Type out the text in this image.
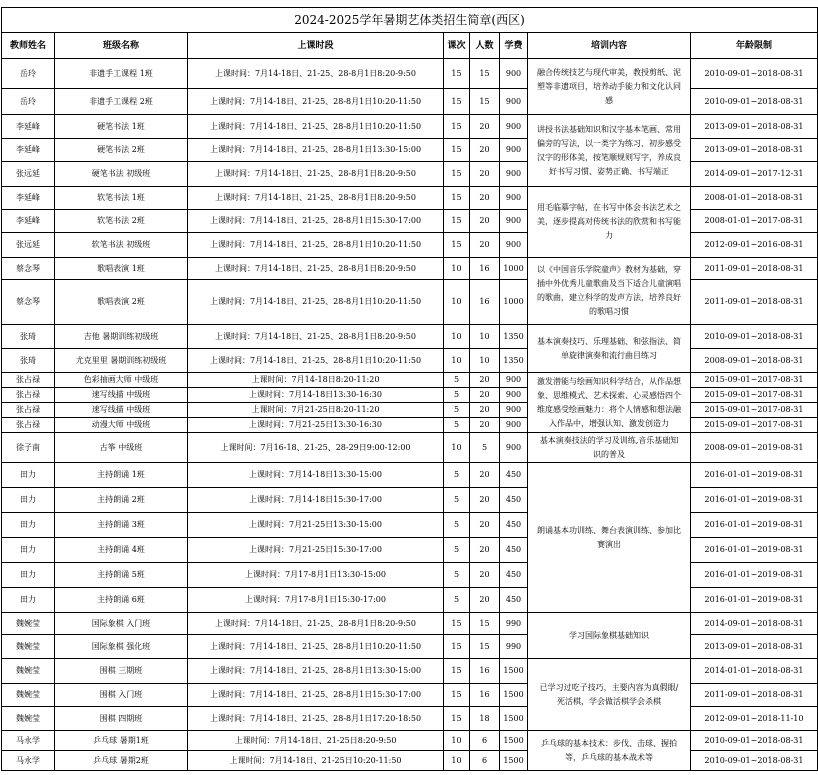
2024-2025学年暑期艺体类招生简章(西区)							
教师姓名	班级名称	上课时段	课次	人数	学费	培训内容	年龄限制
岳玲	非遗手工课程 1班	上课时间：7月14-18日、21-25、28-8月1日8:20-9:50	15	15	900	融合传统技艺与现代审美，教授剪纸、泥塑等非遗项目，培养动手能力和文化认同感	2010-09-01~2018-08-31
岳玲	非遗手工课程 2班	上课时间：7月14-18日、21-25、28-8月1日10:20-11:50	15	15	900		2010-09-01~2018-08-31
李延峰	硬笔书法 1班	上课时间：7月14-18日、21-25、28-8月1日10:20-11:50	15	20	900	讲授书法基础知识和汉字基本笔画、常用偏旁的写法，以一类字为练习、初步感受汉字的形体美，按笔顺规则写字，养成良好书写习惯、姿势正确、书写端正	2013-09-01~2018-08-31
李延峰	硬笔书法 2班	上课时间：7月14-18日、21-25、28-8月1日13:30-15:00	15	20	900		2013-09-01~2018-08-31
张远延	硬笔书法 初级班	上课时间：7月14-18日、21-25、28-8月1日8:20-9:50	15	20	900		2014-09-01~2017-12-31
李延峰	软笔书法 1班	上课时间：7月14-18日、21-25、28-8月1日8:20-9:50	15	20	900	用毛临摹字帖，在书写中体会书法艺术之美，逐步提高对传统书法的欣赏和书写能力	2008-01-01~2018-08-31
李延峰	软笔书法 2班	上课时间：7月14-18日、21-25、28-8月1日15:30-17:00	15	20	900		2008-01-01~2017-08-31
张远延	软笔书法 初级班	上课时间：7月14-18日、21-25、28-8月1日10:20-11:50	15	20	900		2012-09-01~2016-08-31
蔡念琴	歌唱表演 1班	上课时间：7月14-18日、21-25、28-8月1日8:20-9:50	10	16	1000	以《中国音乐学院童声》教材为基础，穿插中外优秀儿童歌曲及当下适合儿童演唱的歌曲，建立科学的发声方法，培养良好的歌唱习惯	2011-09-01~2018-08-31
蔡念琴	歌唱表演 2班	上课时间：7月14-18日、21-25、28-8月1日10:20-11:50	10	16	1000		2011-09-01~2018-08-31
张琦	吉他 暑期训练初级班	上课时间：7月14-18日、21-25、28-8月1日8:20-9:50	10	10	1350	基本演奏技巧、乐理基础、和弦指法、简单旋律演奏和流行曲目练习	2010-09-01~2018-08-31
张琦	尤克里里 暑期训练初级班	上课时间：7月14-18日、21-25、28-8月1日10:20-11:50	10	10	1350		2008-09-01~2018-08-31
张占禄	色彩抽画大师 中级班	上课时间：7月14-18日8:20-11:20	5	20	900	激发潜能与绘画知识科学结合，从作品想象、思维模式、艺术探索、心灵感悟四个维度感受绘画魅力：将个人情感和想法融入作品中，增强认知、激发创造力	2015-09-01~2017-08-31
张占禄	速写线描 中级班	上课时间：7月14-18日13:30-16:30	5	20	900		2015-09-01~2017-08-31
张占禄	速写线描 中级班	上课时间：7月21-25日8:20-11:20	5	20	900		2015-09-01~2017-08-31
张占禄	动漫大师 中级班	上课时间：7月21-25日13:30-16:30	5	20	900		2015-09-01~2017-08-31
徐子南	古筝 中级班	上课时间：7月16-18、21-25、28-29日9:00-12:00	10	5	900	基本演奏技法的学习及训练,音乐基础知识的普及	2008-09-01~2019-08-31
田力	主持朗诵 1班	上课时间：7月14-18日13:30-15:00	5	20	450	朗诵基本功训练、舞台表演训练、参加比赛演出	2016-01-01~2019-08-31
田力	主持朗诵 2班	上课时间：7月14-18日15:30-17:00	5	20	450		2016-01-01~2019-08-31
田力	主持朗诵 3班	上课时间：7月21-25日13:30-15:00	5	20	450		2016-01-01~2019-08-31
田力	主持朗诵 4班	上课时间：7月21-25日15:30-17:00	5	20	450		2016-01-01~2019-08-31
田力	主持朗诵 5班	上课时间：7月17-8月1日13:30-15:00	5	20	450		2016-01-01~2019-08-31
田力	主持朗诵 6班	上课时间：7月17-8月1日15:30-17:00	5	20	450		2016-01-01~2019-08-31
魏婉莹	国际象棋 入门班	上课时间：7月14-18日、21-25、28-8月1日8:20-9:50	15	15	990	学习国际象棋基础知识	2014-09-01~2018-08-31
魏婉莹	国际象棋 强化班	上课时间：7月14-18日、21-25、28-8月1日10:20-11:50	15	15	990		2013-09-01~2018-08-31
魏婉莹	围棋 三期班	上课时间：7月14-18日、21-25、28-8月1日13:30-15:00	15	16	1500	已学习过吃子技巧，主要内容为真假眼/死活棋，学会做活棋学会杀棋	2014-01-01~2018-08-31
魏婉莹	围棋 入门班	上课时间：7月14-18日、21-25、28-8月1日15:30-17:00	15	16	1500		2011-09-01~2018-08-31
魏婉莹	围棋 四期班	上课时间：7月14-18日、21-25、28-8月1日17:20-18:50	15	18	1500		2012-09-01~2018-11-10
马永学	乒乓球 暑期1班	上课时间：7月14-18日、21-25日8:20-9:50	10	6	1500	乒乓球的基本技术：步伐、击球、握拍等，乒乓球的基本战术等	2010-09-01~2018-08-31
马永学	乒乓球 暑期2班	上课时间：7月14-18日、21-25日10:20-11:50	10	6	1500		2010-09-01~2018-08-31
